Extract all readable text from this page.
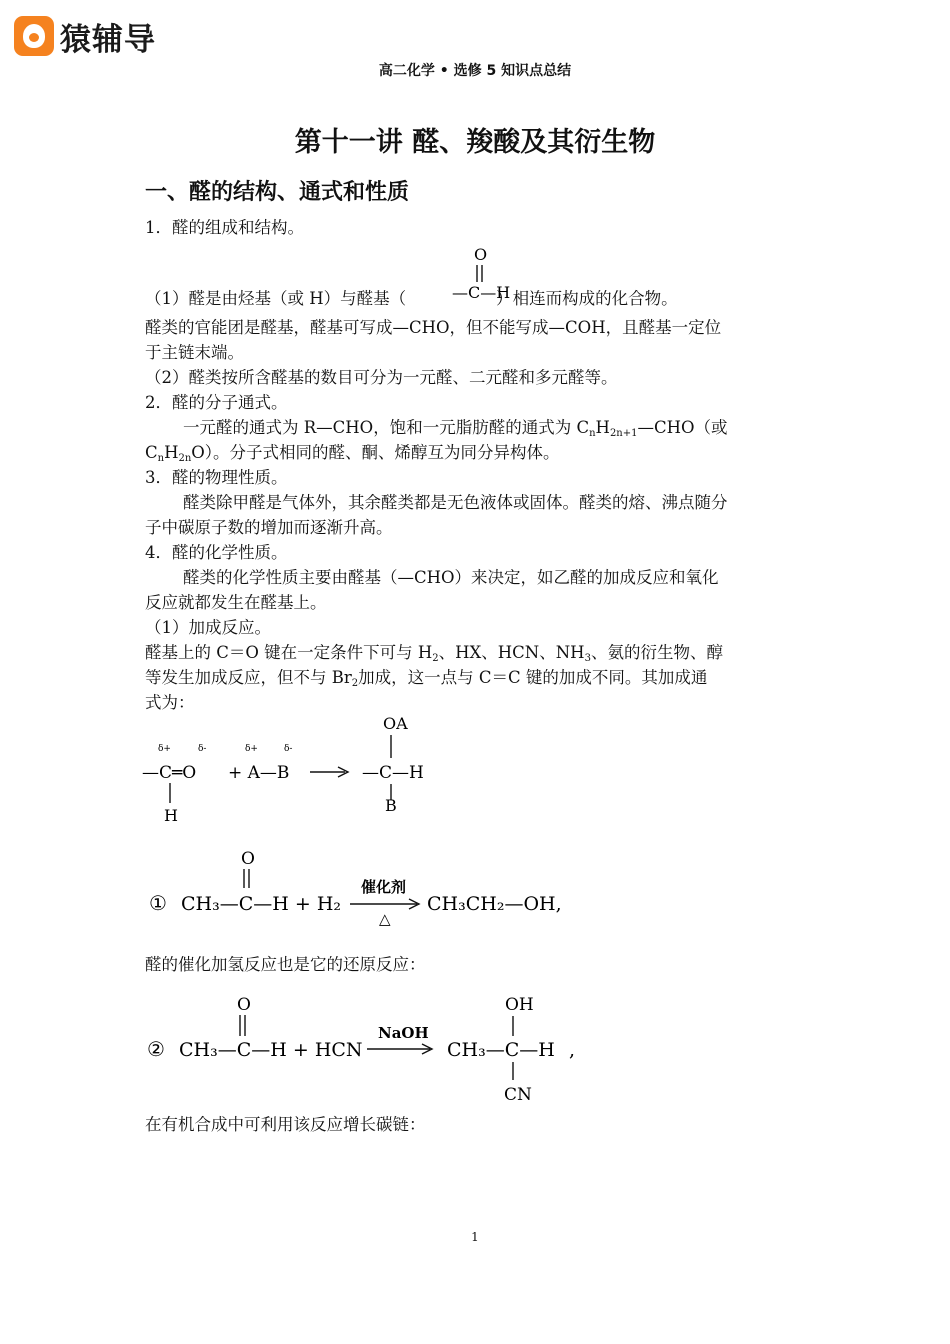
猿辅导
高二化学 • 选修 5 知识点总结
第十一讲 醛、羧酸及其衍生物
一、醛的结构、通式和性质
1．醛的组成和结构。
（1）醛是由烃基（或 H）与醛基（	）相连而构成的化合物。
O
—C—H
醛类的官能团是醛基，醛基可写成—CHO，但不能写成—COH，且醛基一定位
于主链末端。
（2）醛类按所含醛基的数目可分为一元醛、二元醛和多元醛等。
2．醛的分子通式。
一元醛的通式为 R—CHO，饱和一元脂肪醛的通式为 $C_nH_{2n+1}—CHO$（或
$C_nH_{2n}O$）。分子式相同的醛、酮、烯醇互为同分异构体。
3．醛的物理性质。
醛类除甲醛是气体外，其余醛类都是无色液体或固体。醛类的熔、沸点随分
子中碳原子数的增加而逐渐升高。
4．醛的化学性质。
醛类的化学性质主要由醛基（—CHO）来决定，如乙醛的加成反应和氧化
反应就都发生在醛基上。
（1）加成反应。
醛基上的 C＝O 键在一定条件下可与 $H_2$、HX、HCN、$NH_3$、氨的衍生物、醇
等发生加成反应，但不与 $Br_2$加成，这一点与 C＝C 键的加成不同。其加成通
式为：
δ+	δ-
—C═O
H
δ+	δ-
+ A—B
OA
—C—H
B
O
① CH₃—C—H + H₂
催化剂
△
CH₃CH₂—OH,
醛的催化加氢反应也是它的还原反应：
O
② CH₃—C—H + HCN
NaOH
OH
CH₃—C—H
CN
,
在有机合成中可利用该反应增长碳链：
1
